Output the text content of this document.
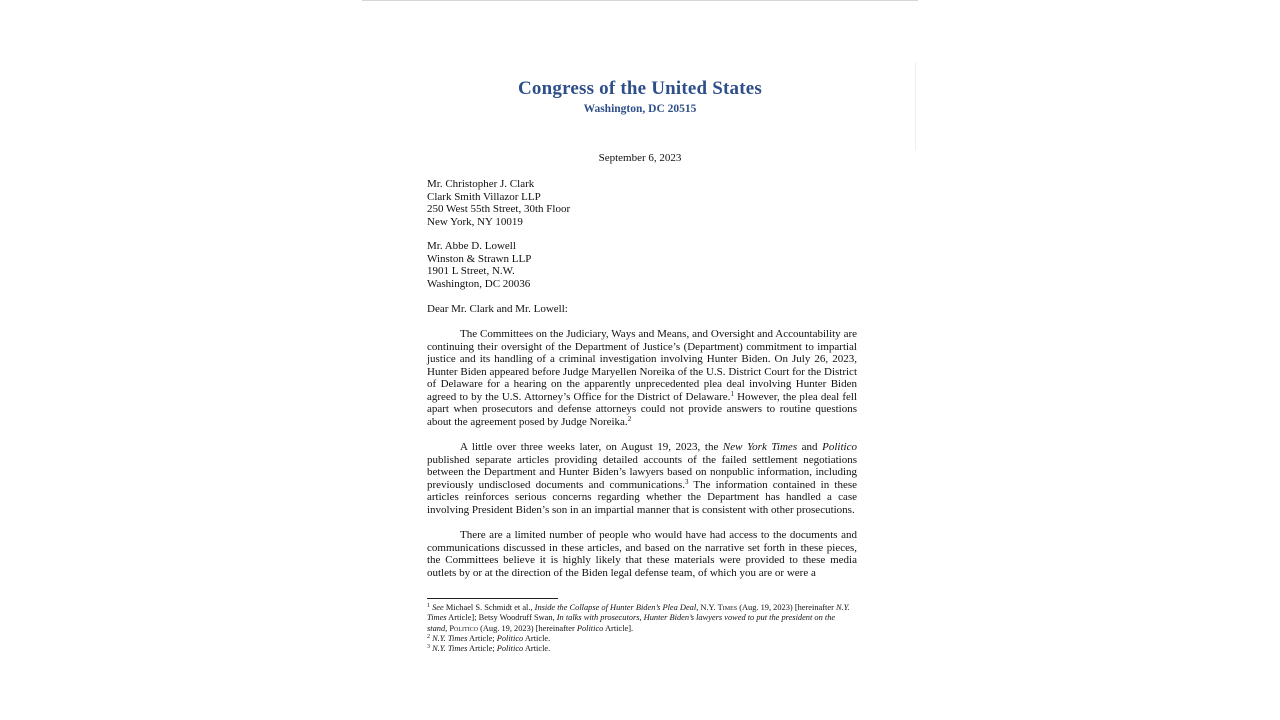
Congress of the United States
Washington, DC 20515
September 6, 2023
Mr. Christopher J. Clark
Clark Smith Villazor LLP
250 West 55th Street, 30th Floor
New York, NY 10019
Mr. Abbe D. Lowell
Winston & Strawn LLP
1901 L Street, N.W.
Washington, DC 20036
Dear Mr. Clark and Mr. Lowell:
The Committees on the Judiciary, Ways and Means, and Oversight and Accountability are continuing their oversight of the Department of Justice’s (Department) commitment to impartial justice and its handling of a criminal investigation involving Hunter Biden. On July 26, 2023, Hunter Biden appeared before Judge Maryellen Noreika of the U.S. District Court for the District of Delaware for a hearing on the apparently unprecedented plea deal involving Hunter Biden agreed to by the U.S. Attorney’s Office for the District of Delaware.$^1$ However, the plea deal fell apart when prosecutors and defense attorneys could not provide answers to routine questions about the agreement posed by Judge Noreika.$^2$
A little over three weeks later, on August 19, 2023, the New York Times and Politico published separate articles providing detailed accounts of the failed settlement negotiations between the Department and Hunter Biden’s lawyers based on nonpublic information, including previously undisclosed documents and communications.$^3$ The information contained in these articles reinforces serious concerns regarding whether the Department has handled a case involving President Biden’s son in an impartial manner that is consistent with other prosecutions.
There are a limited number of people who would have had access to the documents and communications discussed in these articles, and based on the narrative set forth in these pieces, the Committees believe it is highly likely that these materials were provided to these media outlets by or at the direction of the Biden legal defense team, of which you are or were a
$^1$ See Michael S. Schmidt et al., Inside the Collapse of Hunter Biden’s Plea Deal, N.Y. Times (Aug. 19, 2023) [hereinafter N.Y. Times Article]; Betsy Woodruff Swan, In talks with prosecutors, Hunter Biden’s lawyers vowed to put the president on the stand, Politico (Aug. 19, 2023) [hereinafter Politico Article].
$^2$ N.Y. Times Article; Politico Article.
$^3$ N.Y. Times Article; Politico Article.
